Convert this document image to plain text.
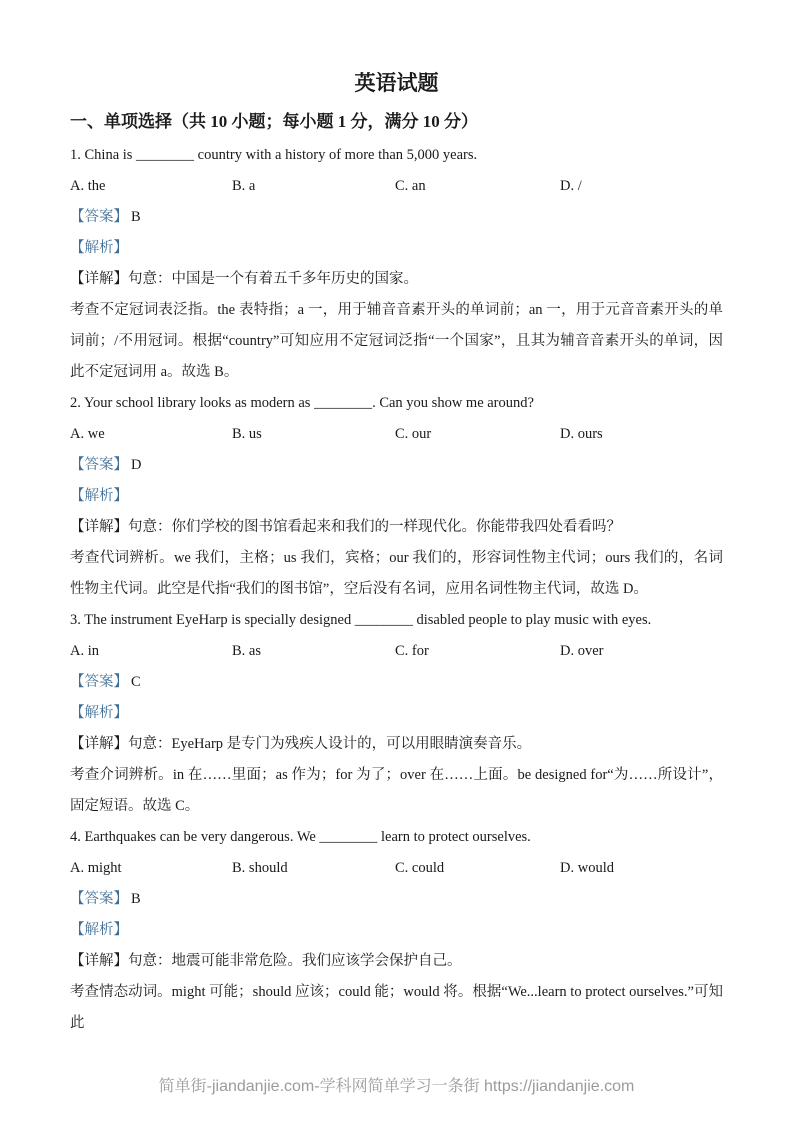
英语试题
一、单项选择（共 10 小题；每小题 1 分，满分 10 分）

1. China is ________ country with a history of more than 5,000 years.

A. the	B. a	C. an	D. /

【答案】 B

【解析】

【详解】句意：中国是一个有着五千多年历史的国家。

考查不定冠词表泛指。the 表特指；a 一，用于辅音音素开头的单词前；an 一，用于元音音素开头的单词前；/不用冠词。根据“country”可知应用不定冠词泛指“一个国家”，且其为辅音音素开头的单词，因此不定冠词用 a。故选 B。

2. Your school library looks as modern as ________. Can you show me around?

A. we	B. us	C. our	D. ours

【答案】 D

【解析】

【详解】句意：你们学校的图书馆看起来和我们的一样现代化。你能带我四处看看吗？

考查代词辨析。we 我们，主格；us 我们，宾格；our 我们的，形容词性物主代词；ours 我们的，名词性物主代词。此空是代指“我们的图书馆”，空后没有名词，应用名词性物主代词，故选 D。

3. The instrument EyeHarp is specially designed ________ disabled people to play music with eyes.

A. in	B. as	C. for	D. over

【答案】 C

【解析】

【详解】句意：EyeHarp 是专门为残疾人设计的，可以用眼睛演奏音乐。

考查介词辨析。in 在……里面；as 作为；for 为了；over 在……上面。be designed for“为……所设计”，固定短语。故选 C。

4. Earthquakes can be very dangerous. We ________ learn to protect ourselves.

A. might	B. should	C. could	D. would

【答案】 B

【解析】

【详解】句意：地震可能非常危险。我们应该学会保护自己。

考查情态动词。might 可能；should 应该；could 能；would 将。根据“We...learn to protect ourselves.”可知此

简单街-jiandanjie.com-学科网简单学习一条街 https://jiandanjie.com
